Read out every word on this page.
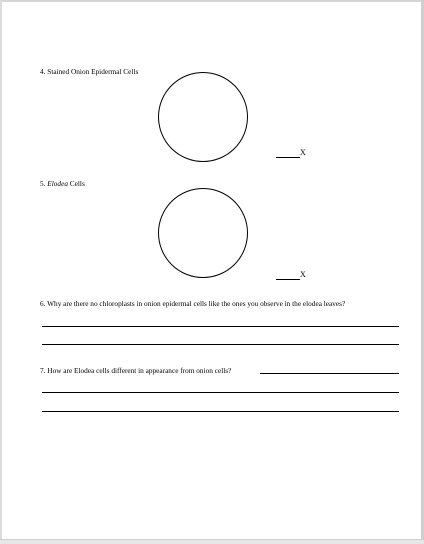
4. Stained Onion Epidermal Cells
X
5. Elodea Cells
X
6. Why are there no chloroplasts in onion epidermal cells like the ones you observe in the elodea leaves?
7. How are Elodea cells different in appearance from onion cells?
